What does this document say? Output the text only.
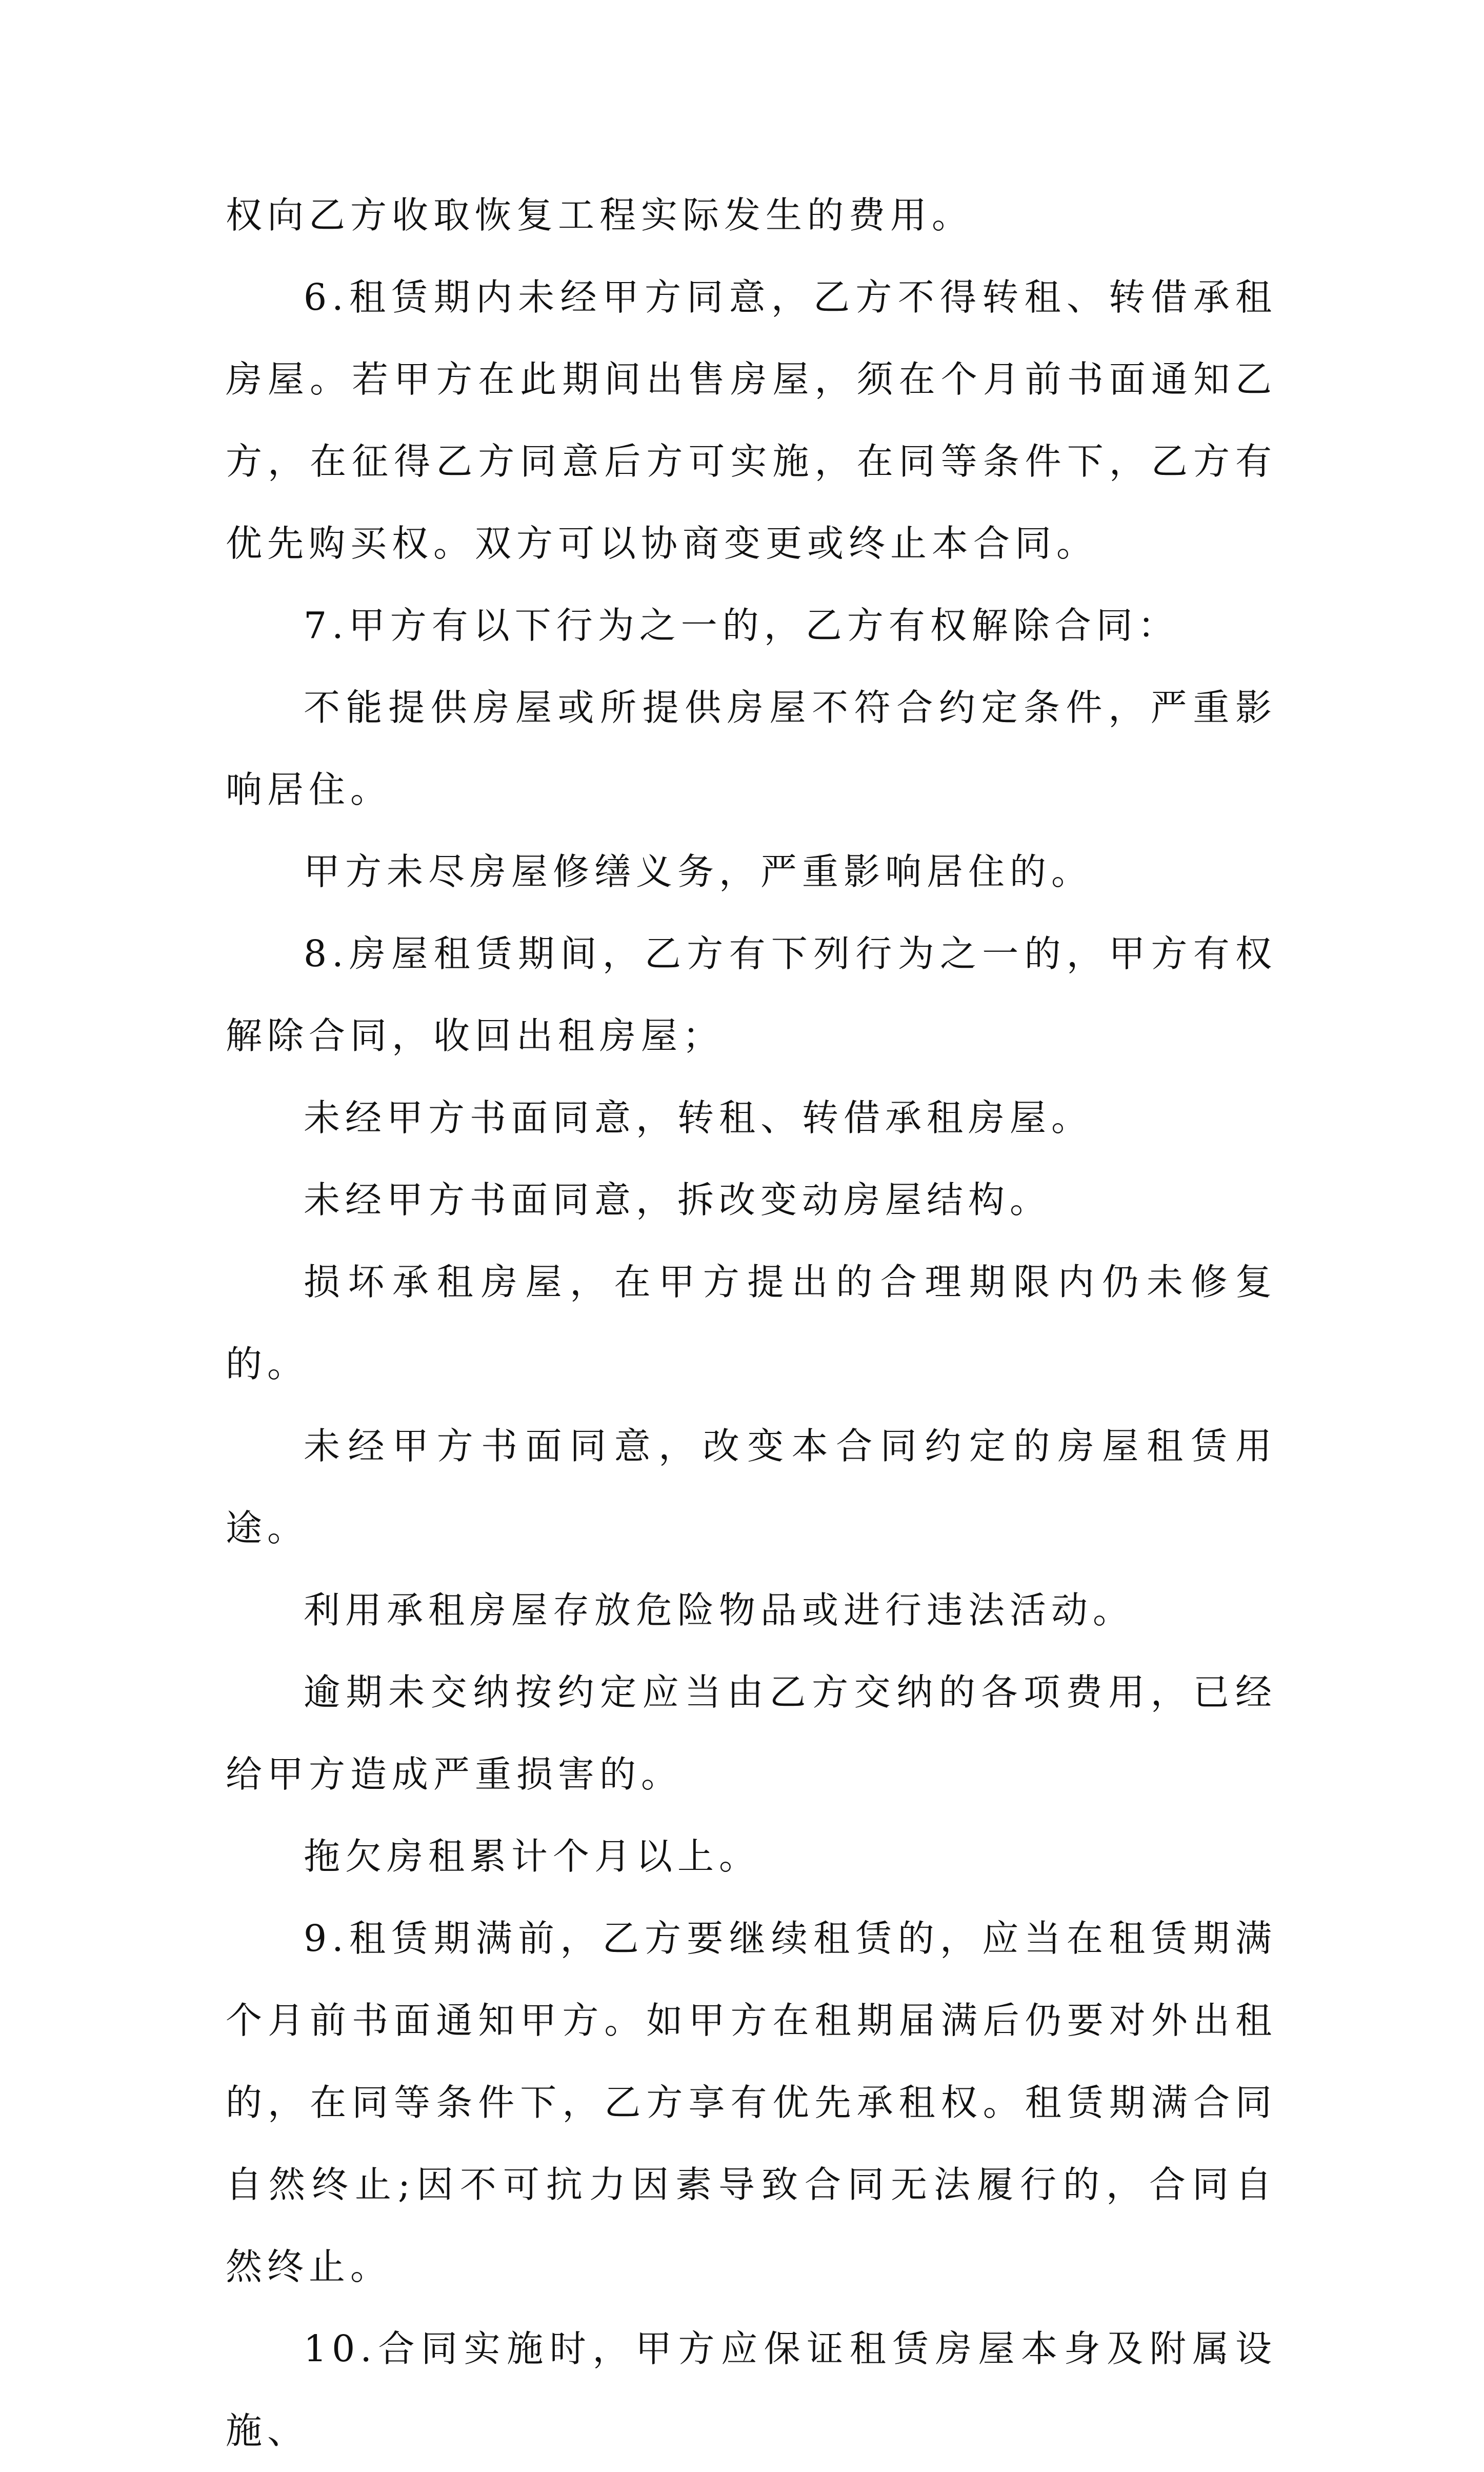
权向乙方收取恢复工程实际发生的费用。

6.租赁期内未经甲方同意，乙方不得转租、转借承租房屋。若甲方在此期间出售房屋，须在个月前书面通知乙方，在征得乙方同意后方可实施，在同等条件下，乙方有优先购买权。双方可以协商变更或终止本合同。

7.甲方有以下行为之一的，乙方有权解除合同：

不能提供房屋或所提供房屋不符合约定条件，严重影响居住。

甲方未尽房屋修缮义务，严重影响居住的。

8.房屋租赁期间，乙方有下列行为之一的，甲方有权解除合同，收回出租房屋；

未经甲方书面同意，转租、转借承租房屋。

未经甲方书面同意，拆改变动房屋结构。

损坏承租房屋，在甲方提出的合理期限内仍未修复的。

未经甲方书面同意，改变本合同约定的房屋租赁用途。

利用承租房屋存放危险物品或进行违法活动。

逾期未交纳按约定应当由乙方交纳的各项费用，已经给甲方造成严重损害的。

拖欠房租累计个月以上。

9.租赁期满前，乙方要继续租赁的，应当在租赁期满个月前书面通知甲方。如甲方在租期届满后仍要对外出租的，在同等条件下，乙方享有优先承租权。租赁期满合同自然终止;因不可抗力因素导致合同无法履行的，合同自然终止。

10.合同实施时，甲方应保证租赁房屋本身及附属设施、
